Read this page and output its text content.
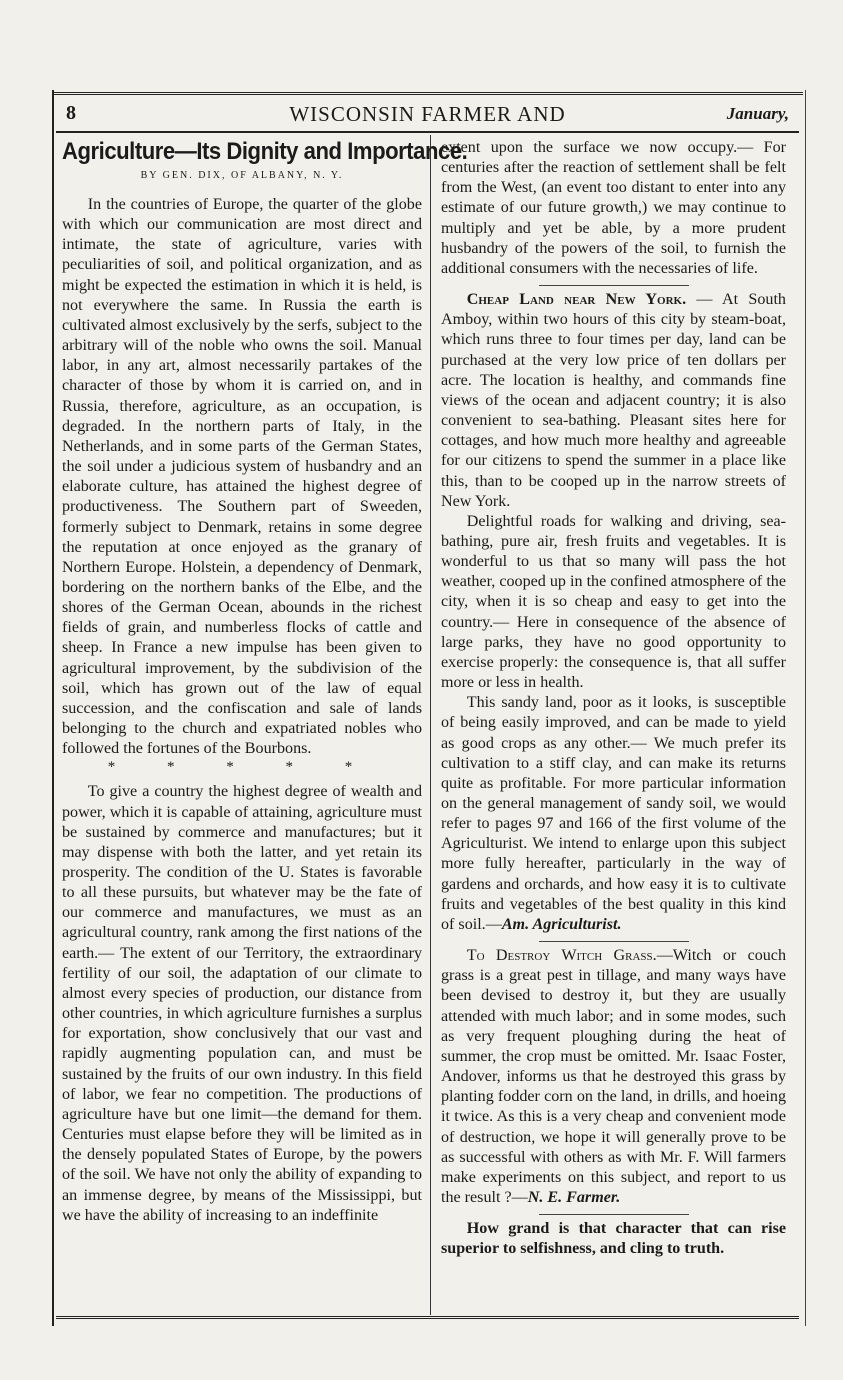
8	WISCONSIN FARMER AND	January,
Agriculture—Its Dignity and Importance.
BY GEN. DIX, OF ALBANY, N. Y.

In the countries of Europe, the quarter of the globe with which our communication are most direct and intimate, the state of agriculture, varies with peculiarities of soil, and political organization, and as might be expected the estimation in which it is held, is not everywhere the same. In Russia the earth is cultivated almost exclusively by the serfs, subject to the arbitrary will of the noble who owns the soil. Manual labor, in any art, almost necessarily partakes of the character of those by whom it is carried on, and in Russia, therefore, agriculture, as an occupation, is degraded. In the northern parts of Italy, in the Netherlands, and in some parts of the German States, the soil under a judicious system of husbandry and an elaborate culture, has attained the highest degree of productiveness. The Southern part of Sweeden, formerly subject to Denmark, retains in some degree the reputation at once enjoyed as the granary of Northern Europe. Holstein, a dependency of Denmark, bordering on the northern banks of the Elbe, and the shores of the German Ocean, abounds in the richest fields of grain, and numberless flocks of cattle and sheep. In France a new impulse has been given to agricultural improvement, by the subdivision of the soil, which has grown out of the law of equal succession, and the confiscation and sale of lands belonging to the church and expatriated nobles who followed the fortunes of the Bourbons.

* * * * *

To give a country the highest degree of wealth and power, which it is capable of attaining, agriculture must be sustained by commerce and manufactures; but it may dispense with both the latter, and yet retain its prosperity. The condition of the U. States is favorable to all these pursuits, but whatever may be the fate of our commerce and manufactures, we must as an agricultural country, rank among the first nations of the earth.— The extent of our Territory, the extraordinary fertility of our soil, the adaptation of our climate to almost every species of production, our distance from other countries, in which agriculture furnishes a surplus for exportation, show conclusively that our vast and rapidly augmenting population can, and must be sustained by the fruits of our own industry. In this field of labor, we fear no competition. The productions of agriculture have but one limit—the demand for them. Centuries must elapse before they will be limited as in the densely populated States of Europe, by the powers of the soil. We have not only the ability of expanding to an immense degree, by means of the Mississippi, but we have the ability of increasing to an indeffinite

extent upon the surface we now occupy.— For centuries after the reaction of settlement shall be felt from the West, (an event too distant to enter into any estimate of our future growth,) we may continue to multiply and yet be able, by a more prudent husbandry of the powers of the soil, to furnish the additional consumers with the necessaries of life.

Cheap Land near New York. — At South Amboy, within two hours of this city by steam-boat, which runs three to four times per day, land can be purchased at the very low price of ten dollars per acre. The location is healthy, and commands fine views of the ocean and adjacent country; it is also convenient to sea-bathing. Pleasant sites here for cottages, and how much more healthy and agreeable for our citizens to spend the summer in a place like this, than to be cooped up in the narrow streets of New York.

Delightful roads for walking and driving, sea-bathing, pure air, fresh fruits and vegetables. It is wonderful to us that so many will pass the hot weather, cooped up in the confined atmosphere of the city, when it is so cheap and easy to get into the country.— Here in consequence of the absence of large parks, they have no good opportunity to exercise properly: the consequence is, that all suffer more or less in health.

This sandy land, poor as it looks, is susceptible of being easily improved, and can be made to yield as good crops as any other.— We much prefer its cultivation to a stiff clay, and can make its returns quite as profitable. For more particular information on the general management of sandy soil, we would refer to pages 97 and 166 of the first volume of the Agriculturist. We intend to enlarge upon this subject more fully hereafter, particularly in the way of gardens and orchards, and how easy it is to cultivate fruits and vegetables of the best quality in this kind of soil.—Am. Agriculturist.

To Destroy Witch Grass.—Witch or couch grass is a great pest in tillage, and many ways have been devised to destroy it, but they are usually attended with much labor; and in some modes, such as very frequent ploughing during the heat of summer, the crop must be omitted. Mr. Isaac Foster, Andover, informs us that he destroyed this grass by planting fodder corn on the land, in drills, and hoeing it twice. As this is a very cheap and convenient mode of destruction, we hope it will generally prove to be as successful with others as with Mr. F. Will farmers make experiments on this subject, and report to us the result ?—N. E. Farmer.

How grand is that character that can rise superior to selfishness, and cling to truth.
